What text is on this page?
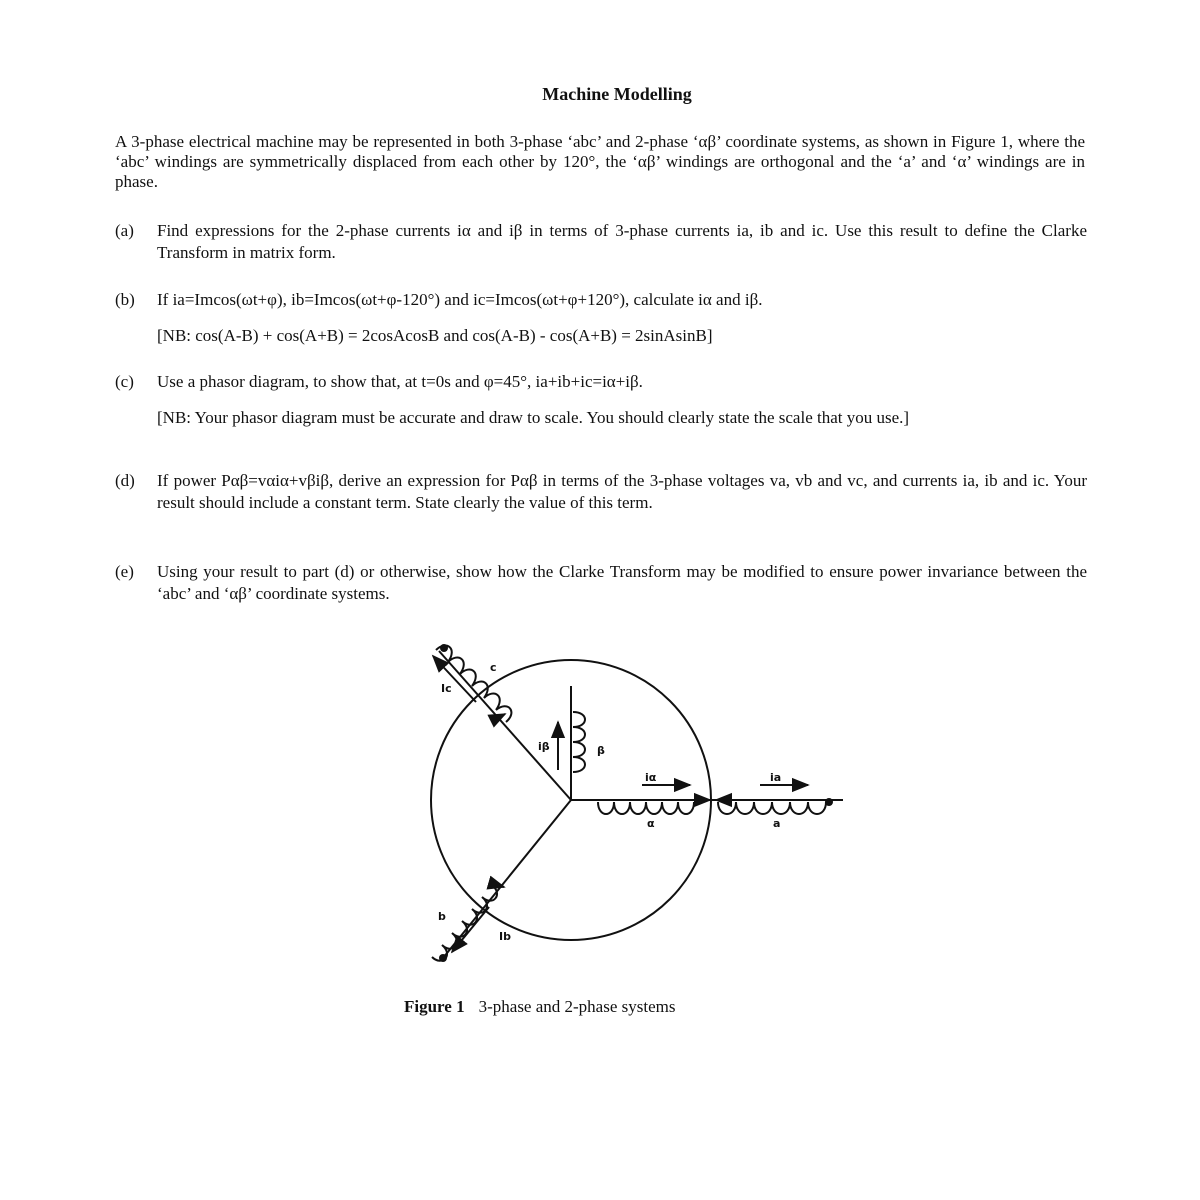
Machine Modelling
A 3-phase electrical machine may be represented in both 3-phase ‘abc’ and 2-phase ‘αβ’ coordinate systems, as shown in Figure 1, where the ‘abc’ windings are symmetrically displaced from each other by 120°, the ‘αβ’ windings are orthogonal and the ‘a’ and ‘α’ windings are in phase.
(a) Find expressions for the 2-phase currents iα and iβ in terms of 3-phase currents ia, ib and ic. Use this result to define the Clarke Transform in matrix form.
(b) If ia=Imcos(ωt+φ), ib=Imcos(ωt+φ-120°) and ic=Imcos(ωt+φ+120°), calculate iα and iβ.
[NB: cos(A-B) + cos(A+B) = 2cosAcosB and cos(A-B) - cos(A+B) = 2sinAsinB]
(c) Use a phasor diagram, to show that, at t=0s and φ=45°, ia+ib+ic=iα+iβ.
[NB: Your phasor diagram must be accurate and draw to scale. You should clearly state the scale that you use.]
(d) If power Pαβ=vαiα+vβiβ, derive an expression for Pαβ in terms of the 3-phase voltages va, vb and vc, and currents ia, ib and ic. Your result should include a constant term. State clearly the value of this term.
(e) Using your result to part (d) or otherwise, show how the Clarke Transform may be modified to ensure power invariance between the ‘abc’ and ‘αβ’ coordinate systems.
c
Ic
iβ	β
iα
α
ia
a
b
Ib
Figure 1 3-phase and 2-phase systems
